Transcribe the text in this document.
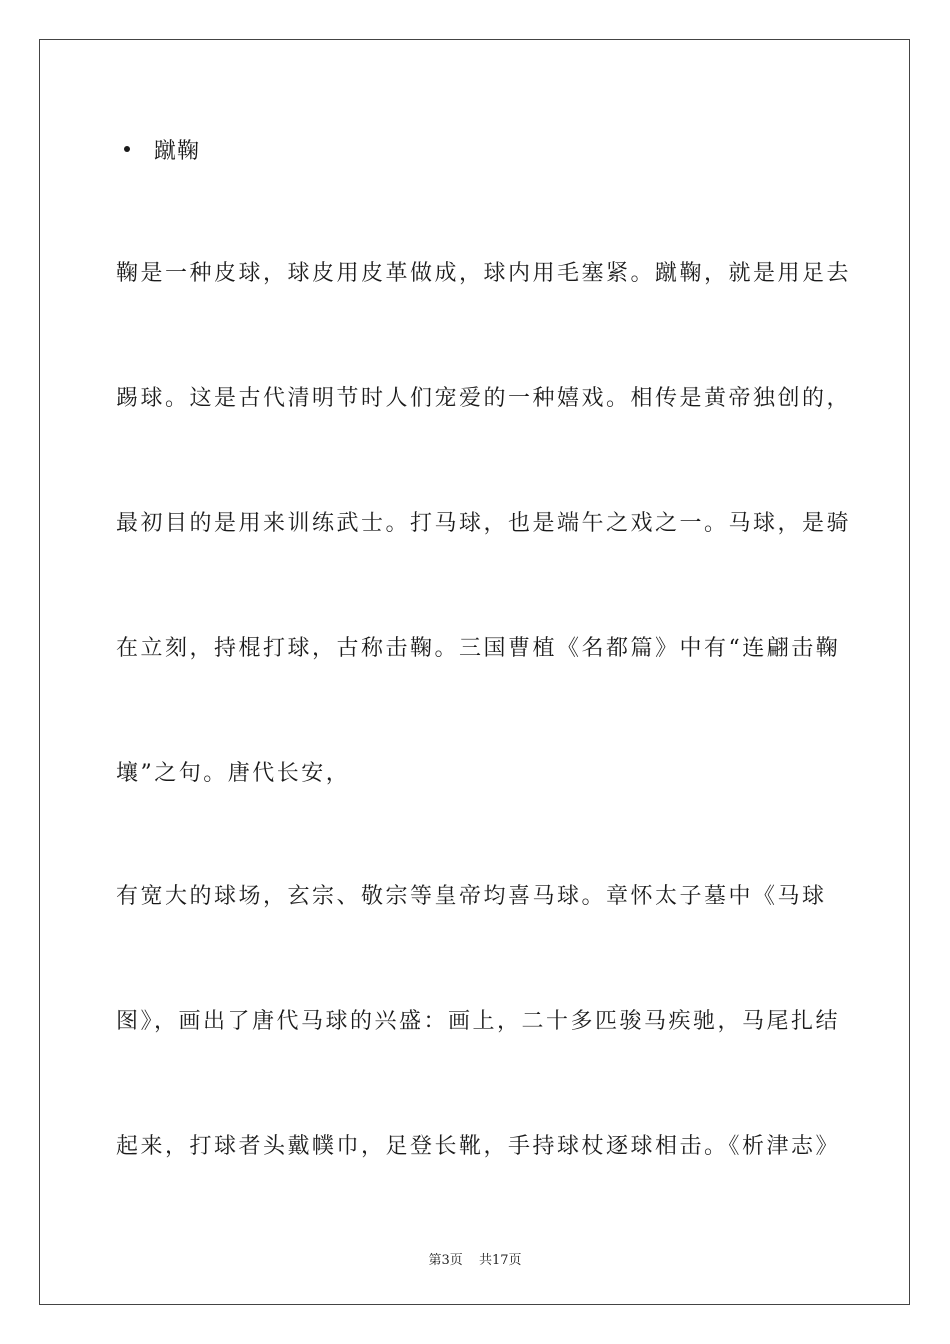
蹴鞠
鞠是一种皮球，球皮用皮革做成，球内用毛塞紧。蹴鞠，就是用足去
踢球。这是古代清明节时人们宠爱的一种嬉戏。相传是黄帝独创的，
最初目的是用来训练武士。打马球，也是端午之戏之一。马球，是骑
在立刻，持棍打球，古称击鞠。三国曹植《名都篇》中有“连翩击鞠
壤”之句。唐代长安，
有宽大的球场，玄宗、敬宗等皇帝均喜马球。章怀太子墓中《马球
图》，画出了唐代马球的兴盛：画上，二十多匹骏马疾驰，马尾扎结
起来，打球者头戴幞巾，足登长靴，手持球杖逐球相击。《析津志》
第3页 共17页
